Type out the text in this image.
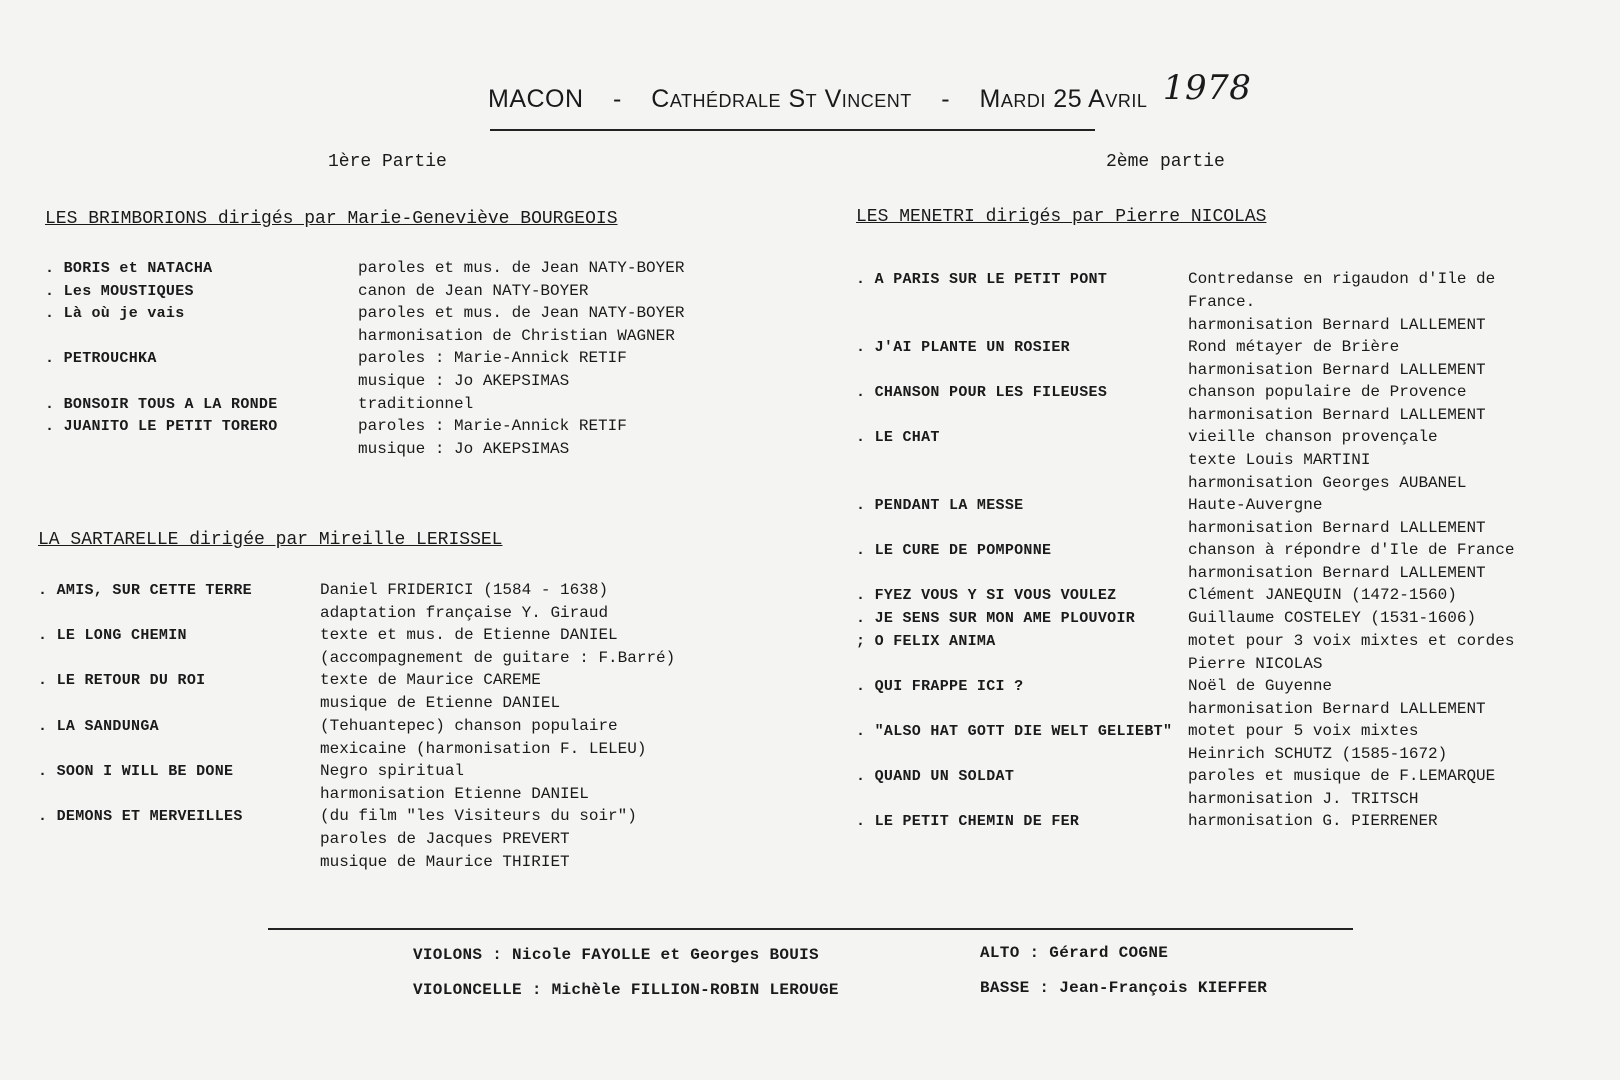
MACON - Cathédrale St Vincent - Mardi 25 Avril 1978
1ère Partie	2ème partie
LES BRIMBORIONS dirigés par Marie-Geneviève BOURGEOIS
. BORIS et NATACHA	paroles et mus. de Jean NATY-BOYER
. Les MOUSTIQUES	canon de Jean NATY-BOYER
. Là où je vais	paroles et mus. de Jean NATY-BOYER
harmonisation de Christian WAGNER
. PETROUCHKA	paroles : Marie-Annick RETIF
musique : Jo AKEPSIMAS
. BONSOIR TOUS A LA RONDE	traditionnel
. JUANITO LE PETIT TORERO	paroles : Marie-Annick RETIF
musique : Jo AKEPSIMAS
LA SARTARELLE dirigée par Mireille LERISSEL
. AMIS, SUR CETTE TERRE	Daniel FRIDERICI (1584 - 1638)
adaptation française Y. Giraud
. LE LONG CHEMIN	texte et mus. de Etienne DANIEL
(accompagnement de guitare : F.Barré)
. LE RETOUR DU ROI	texte de Maurice CAREME
musique de Etienne DANIEL
. LA SANDUNGA	(Tehuantepec) chanson populaire
mexicaine (harmonisation F. LELEU)
. SOON I WILL BE DONE	Negro spiritual
harmonisation Etienne DANIEL
. DEMONS ET MERVEILLES	(du film "les Visiteurs du soir")
paroles de Jacques PREVERT
musique de Maurice THIRIET
LES MENETRI dirigés par Pierre NICOLAS
. A PARIS SUR LE PETIT PONT	Contredanse en rigaudon d'Ile de
France.
harmonisation Bernard LALLEMENT
. J'AI PLANTE UN ROSIER	Rond métayer de Brière
harmonisation Bernard LALLEMENT
. CHANSON POUR LES FILEUSES	chanson populaire de Provence
harmonisation Bernard LALLEMENT
. LE CHAT	vieille chanson provençale
texte Louis MARTINI
harmonisation Georges AUBANEL
. PENDANT LA MESSE	Haute-Auvergne
harmonisation Bernard LALLEMENT
. LE CURE DE POMPONNE	chanson à répondre d'Ile de France
harmonisation Bernard LALLEMENT
. FYEZ VOUS Y SI VOUS VOULEZ	Clément JANEQUIN (1472-1560)
. JE SENS SUR MON AME PLOUVOIR	Guillaume COSTELEY (1531-1606)
; O FELIX ANIMA	motet pour 3 voix mixtes et cordes
Pierre NICOLAS
. QUI FRAPPE ICI ?	Noël de Guyenne
harmonisation Bernard LALLEMENT
. "ALSO HAT GOTT DIE WELT GELIEBT" motet pour 5 voix mixtes
Heinrich SCHUTZ (1585-1672)
. QUAND UN SOLDAT	paroles et musique de F.LEMARQUE
harmonisation J. TRITSCH
. LE PETIT CHEMIN DE FER	harmonisation G. PIERRENER
VIOLONS : Nicole FAYOLLE et Georges BOUIS	ALTO : Gérard COGNE
VIOLONCELLE : Michèle FILLION-ROBIN LEROUGE	BASSE : Jean-François KIEFFER
